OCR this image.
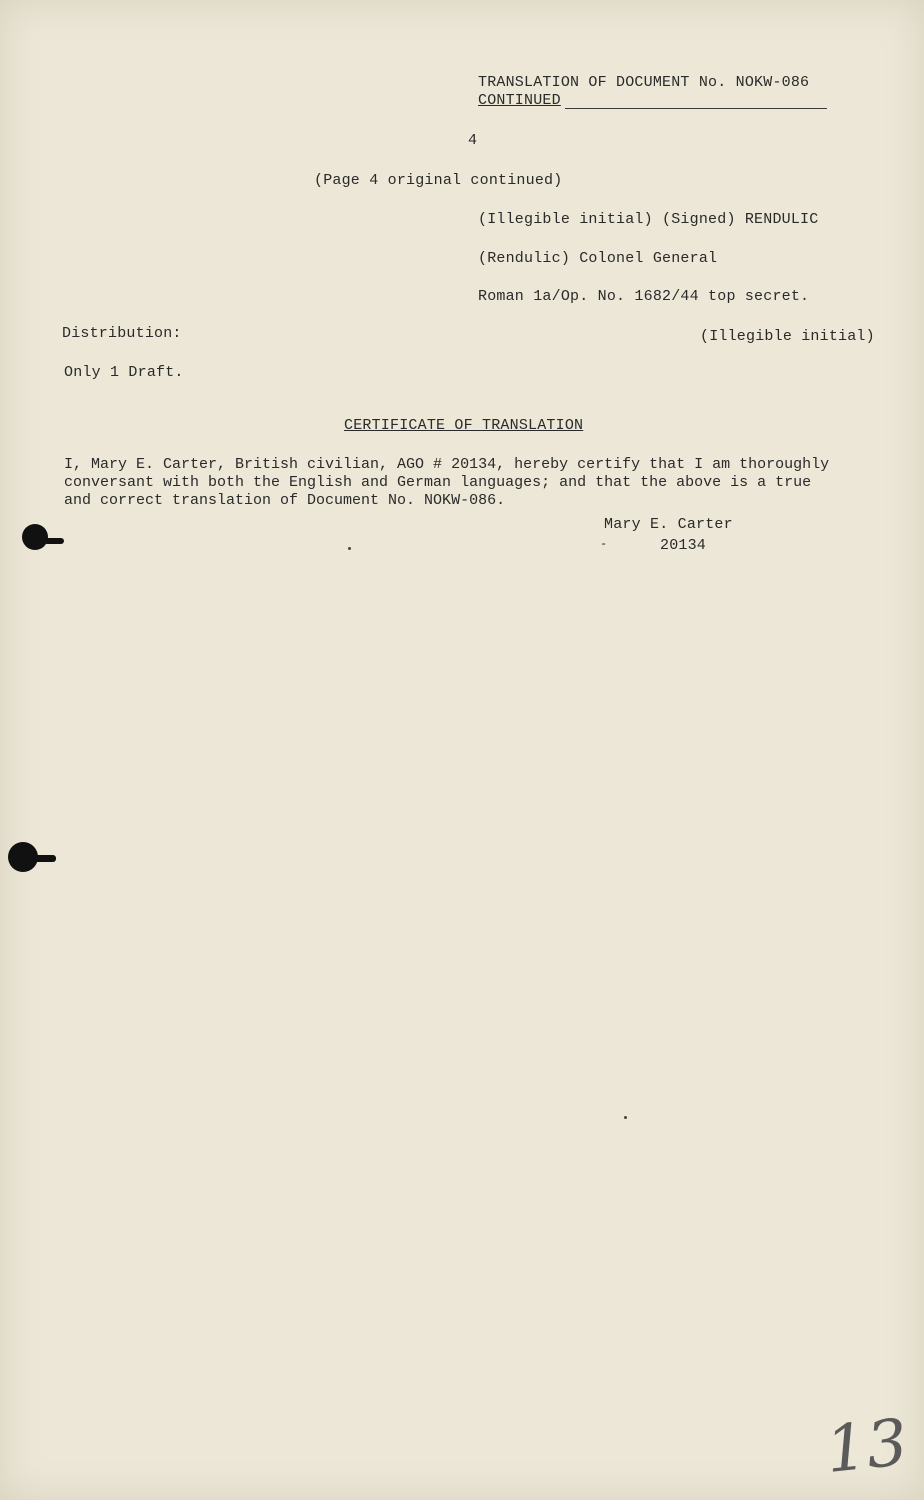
TRANSLATION OF DOCUMENT No. NOKW-086
CONTINUED
4
(Page 4 original continued)
(Illegible initial) (Signed) RENDULIC
(Rendulic) Colonel General
Roman 1a/Op. No. 1682/44 top secret.
Distribution:	(Illegible initial)
Only 1 Draft.
CERTIFICATE OF TRANSLATION
I, Mary E. Carter, British civilian, AGO # 20134, hereby certify that I am thoroughly
conversant with both the English and German languages; and that the above is a true
and correct translation of Document No. NOKW-086.
Mary E. Carter
-	20134
13
